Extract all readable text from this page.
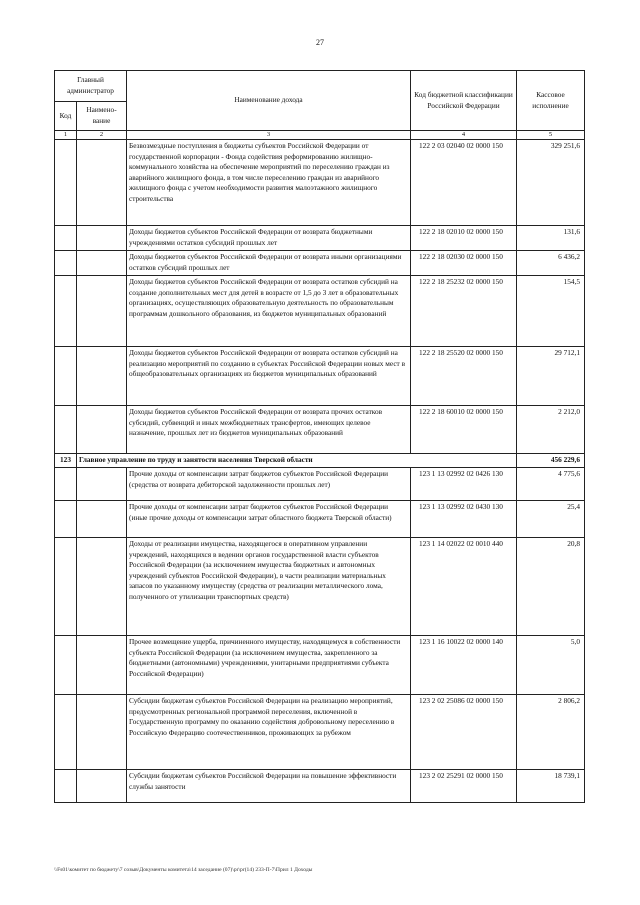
27
Главный администратор		Наименование дохода	Код бюджетной классификации Российской Федерации	Кассовое исполнение
Код	Наимено-вание			
1	2	3	4	5
		Безвозмездные поступления в бюджеты субъектов Российской Федерации от государственной корпорации - Фонда содействия реформированию жилищно-коммунального хозяйства на обеспечение мероприятий по переселению граждан из аварийного жилищного фонда, в том числе переселению граждан из аварийного жилищного фонда с учетом необходимости развития малоэтажного жилищного строительства	122 2 03 02040 02 0000 150	329 251,6
		Доходы бюджетов субъектов Российской Федерации от возврата бюджетными учреждениями остатков субсидий прошлых лет	122 2 18 02010 02 0000 150	131,6
		Доходы бюджетов субъектов Российской Федерации от возврата иными организациями остатков субсидий прошлых лет	122 2 18 02030 02 0000 150	6 436,2
		Доходы бюджетов субъектов Российской Федерации от возврата остатков субсидий на создание дополнительных мест для детей в возрасте от 1,5 до 3 лет в образовательных организациях, осуществляющих образовательную деятельность по образовательным программам дошкольного образования, из бюджетов муниципальных образований	122 2 18 25232 02 0000 150	154,5
		Доходы бюджетов субъектов Российской Федерации от возврата остатков субсидий на реализацию мероприятий по созданию в субъектах Российской Федерации новых мест в общеобразовательных организациях из бюджетов муниципальных образований	122 2 18 25520 02 0000 150	29 712,1
		Доходы бюджетов субъектов Российской Федерации от возврата прочих остатков субсидий, субвенций и иных межбюджетных трансфертов, имеющих целевое назначение, прошлых лет из бюджетов муниципальных образований	122 2 18 60010 02 0000 150	2 212,0
123	Главное управление по труду и занятости населения Тверской области			456 229,6
		Прочие доходы от компенсации затрат бюджетов субъектов Российской Федерации (средства от возврата дебиторской задолженности прошлых лет)	123 1 13 02992 02 0426 130	4 775,6
		Прочие доходы от компенсации затрат бюджетов субъектов Российской Федерации (иные прочие доходы от компенсации затрат областного бюджета Тверской области)	123 1 13 02992 02 0430 130	25,4
		Доходы от реализации имущества, находящегося в оперативном управлении учреждений, находящихся в ведении органов государственной власти субъектов Российской Федерации (за исключением имущества бюджетных и автономных учреждений субъектов Российской Федерации), в части реализации материальных запасов по указанному имуществу (средства от реализации металлического лома, полученного от утилизации транспортных средств)	123 1 14 02022 02 0010 440	20,8
		Прочее возмещение ущерба, причиненного имуществу, находящемуся в собственности субъекта Российской Федерации (за исключением имущества, закрепленного за бюджетными (автономными) учреждениями, унитарными предприятиями субъекта Российской Федерации)	123 1 16 10022 02 0000 140	5,0
		Субсидии бюджетам субъектов Российской Федерации на реализацию мероприятий, предусмотренных региональной программой переселения, включенной в Государственную программу по оказанию содействия добровольному переселению в Российскую Федерацию соотечественников, проживающих за рубежом	123 2 02 25086 02 0000 150	2 806,2
		Субсидии бюджетам субъектов Российской Федерации на повышение эффективности службы занятости	123 2 02 25291 02 0000 150	18 739,1
\\Fs01\комитет по бюджету\7 созыв\Документы комитета\14 заседание (07)\pr\pr(14) 233-П-7\Прил 1 Доходы
